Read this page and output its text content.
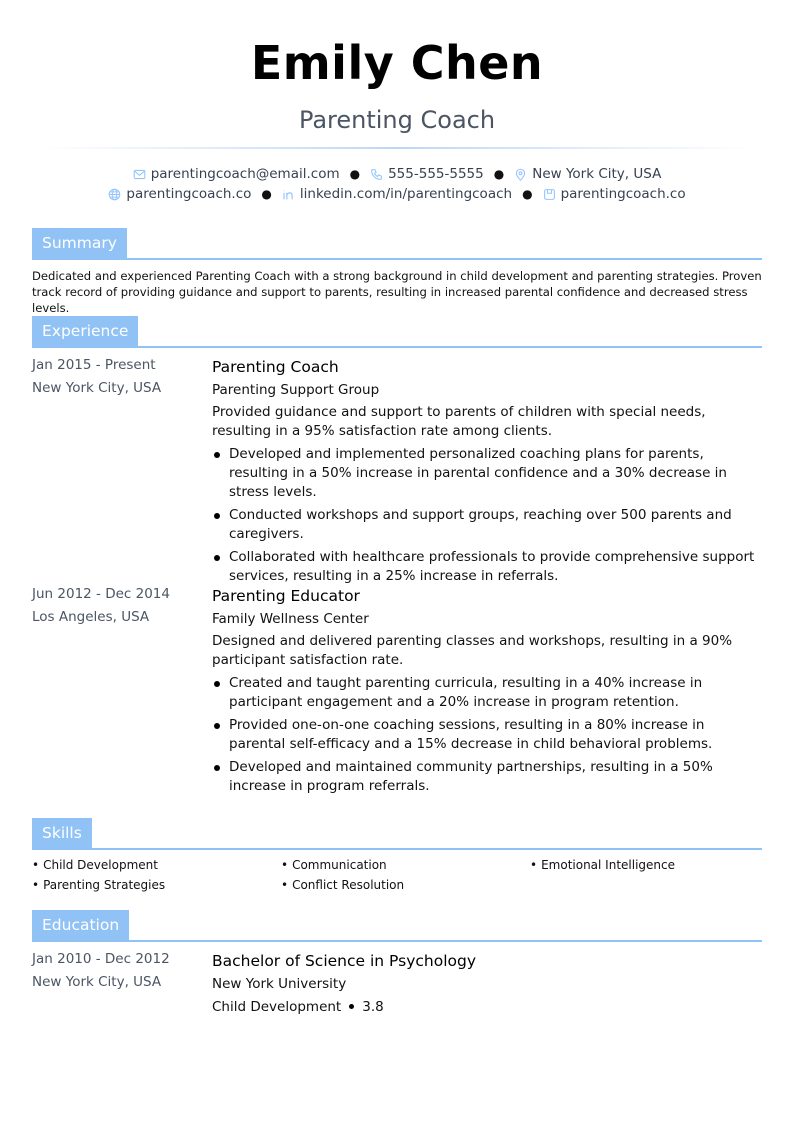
Emily Chen
Parenting Coach
parentingcoach@email.com ● 555-555-5555 ● New York City, USA
parentingcoach.co ● linkedin.com/in/parentingcoach ● parentingcoach.co
Summary
Dedicated and experienced Parenting Coach with a strong background in child development and parenting strategies. Proven track record of providing guidance and support to parents, resulting in increased parental confidence and decreased stress levels.
Experience
Jan 2015 - Present
New York City, USA
Parenting Coach
Parenting Support Group
Provided guidance and support to parents of children with special needs, resulting in a 95% satisfaction rate among clients.
Developed and implemented personalized coaching plans for parents, resulting in a 50% increase in parental confidence and a 30% decrease in stress levels.
Conducted workshops and support groups, reaching over 500 parents and caregivers.
Collaborated with healthcare professionals to provide comprehensive support services, resulting in a 25% increase in referrals.
Jun 2012 - Dec 2014
Los Angeles, USA
Parenting Educator
Family Wellness Center
Designed and delivered parenting classes and workshops, resulting in a 90% participant satisfaction rate.
Created and taught parenting curricula, resulting in a 40% increase in participant engagement and a 20% increase in program retention.
Provided one-on-one coaching sessions, resulting in a 80% increase in parental self-efficacy and a 15% decrease in child behavioral problems.
Developed and maintained community partnerships, resulting in a 50% increase in program referrals.
Skills
• Child Development	• Communication	• Emotional Intelligence
• Parenting Strategies	• Conflict Resolution
Education
Jan 2010 - Dec 2012
New York City, USA
Bachelor of Science in Psychology
New York University
Child Development 3.8
